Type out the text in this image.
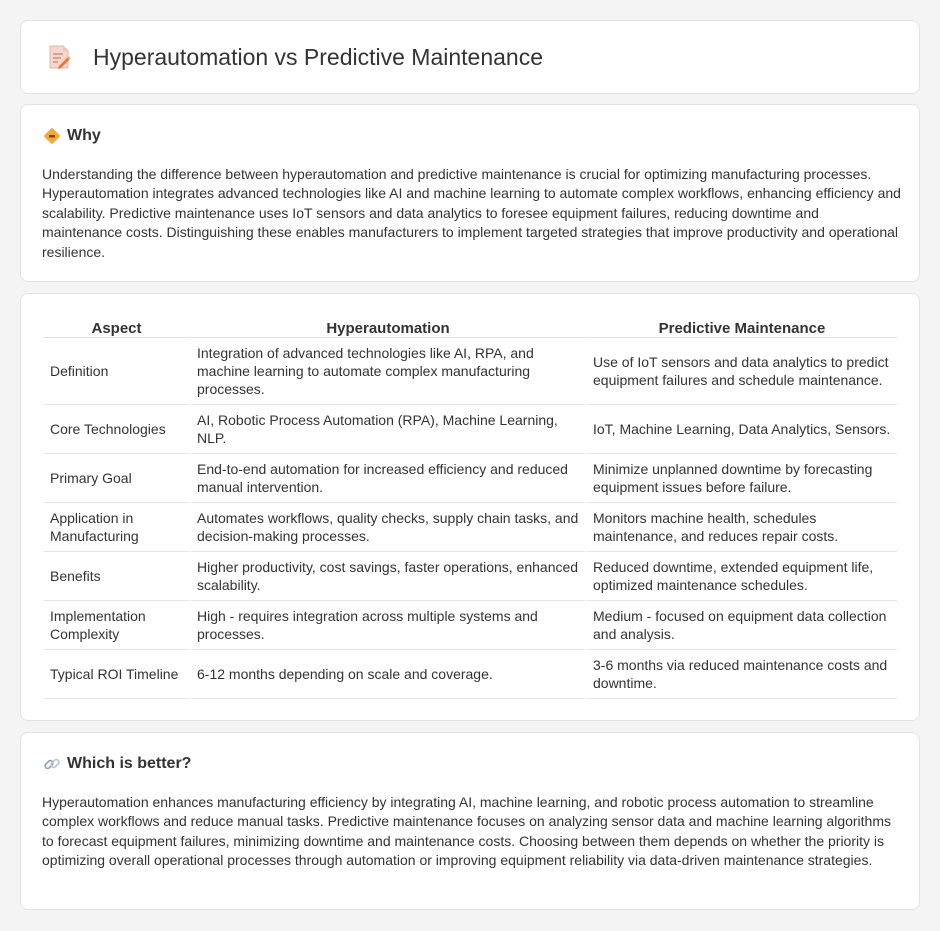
Hyperautomation vs Predictive Maintenance
Why

Understanding the difference between hyperautomation and predictive maintenance is crucial for optimizing manufacturing processes. Hyperautomation integrates advanced technologies like AI and machine learning to automate complex workflows, enhancing efficiency and scalability. Predictive maintenance uses IoT sensors and data analytics to foresee equipment failures, reducing downtime and maintenance costs. Distinguishing these enables manufacturers to implement targeted strategies that improve productivity and operational resilience.

Aspect	Hyperautomation	Predictive Maintenance
Definition	Integration of advanced technologies like AI, RPA, and machine learning to automate complex manufacturing processes.	Use of IoT sensors and data analytics to predict equipment failures and schedule maintenance.
Core Technologies	AI, Robotic Process Automation (RPA), Machine Learning, NLP.	IoT, Machine Learning, Data Analytics, Sensors.
Primary Goal	End-to-end automation for increased efficiency and reduced manual intervention.	Minimize unplanned downtime by forecasting equipment issues before failure.
Application in Manufacturing	Automates workflows, quality checks, supply chain tasks, and decision-making processes.	Monitors machine health, schedules maintenance, and reduces repair costs.
Benefits	Higher productivity, cost savings, faster operations, enhanced scalability.	Reduced downtime, extended equipment life, optimized maintenance schedules.
Implementation Complexity	High - requires integration across multiple systems and processes.	Medium - focused on equipment data collection and analysis.
Typical ROI Timeline	6-12 months depending on scale and coverage.	3-6 months via reduced maintenance costs and downtime.
Which is better?

Hyperautomation enhances manufacturing efficiency by integrating AI, machine learning, and robotic process automation to streamline complex workflows and reduce manual tasks. Predictive maintenance focuses on analyzing sensor data and machine learning algorithms to forecast equipment failures, minimizing downtime and maintenance costs. Choosing between them depends on whether the priority is optimizing overall operational processes through automation or improving equipment reliability via data-driven maintenance strategies.
